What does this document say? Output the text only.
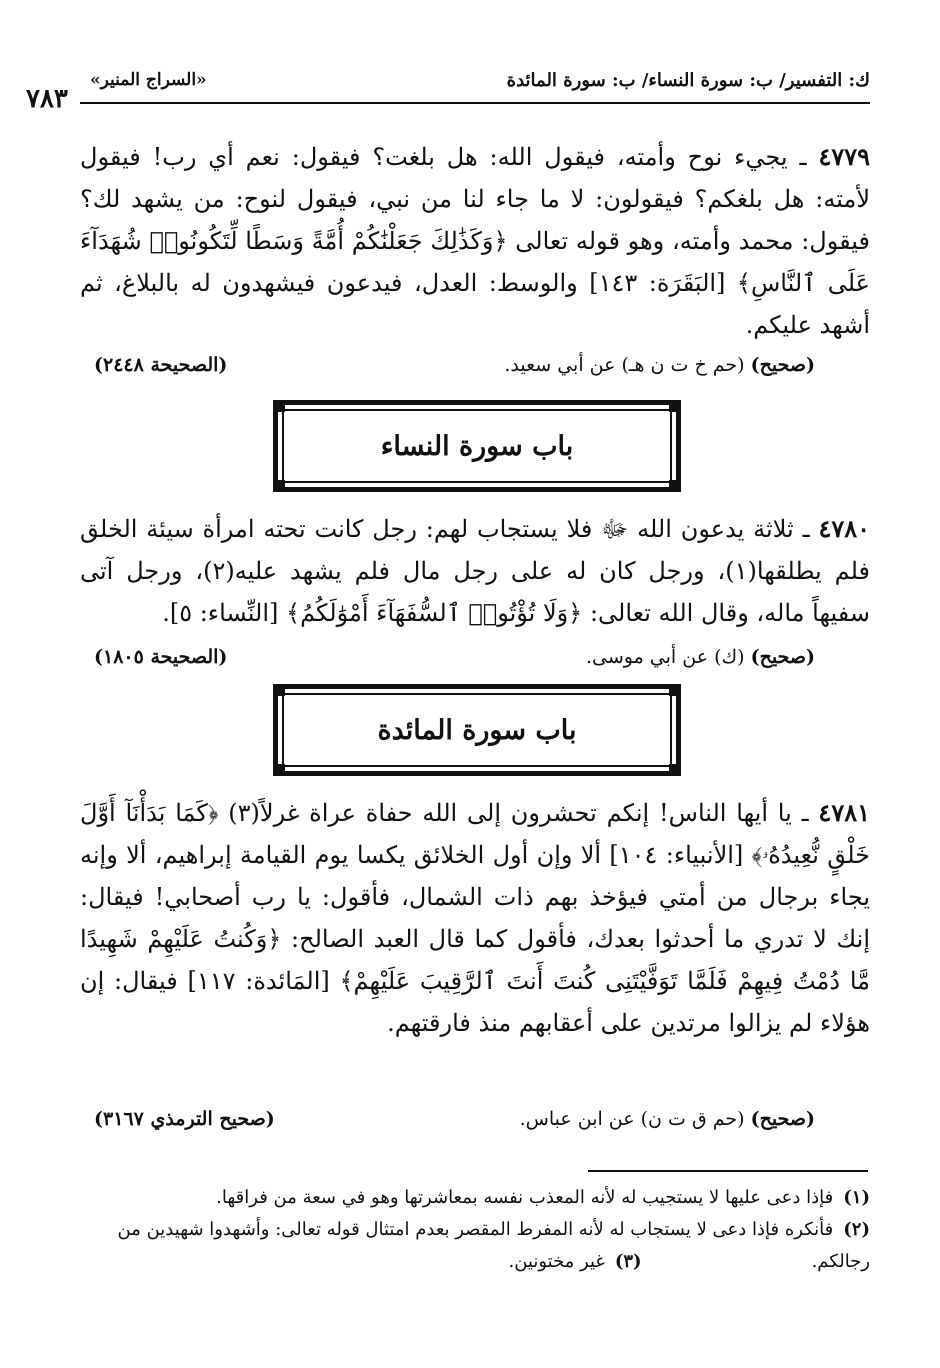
ك: التفسير/ ب: سورة النساء/ ب: سورة المائدة
«السراج المنير»
٧٨٣
٤٧٧٩ ـ يجيء نوح وأمته، فيقول الله: هل بلغت؟ فيقول: نعم أي رب! فيقول لأمته: هل بلغكم؟ فيقولون: لا ما جاء لنا من نبي، فيقول لنوح: من يشهد لك؟ فيقول: محمد وأمته، وهو قوله تعالى ﴿وَكَذَٰلِكَ جَعَلْنَٰكُمْ أُمَّةً وَسَطًا لِّتَكُونُوا۟ شُهَدَآءَ عَلَى ٱلنَّاسِ﴾ [البَقَرَة: ١٤٣] والوسط: العدل، فيدعون فيشهدون له بالبلاغ، ثم أشهد عليكم.
(صحيح) (حم خ ت ن هـ) عن أبي سعيد.
(الصحيحة ٢٤٤٨)
باب سورة النساء
٤٧٨٠ ـ ثلاثة يدعون الله ﷻ فلا يستجاب لهم: رجل كانت تحته امرأة سيئة الخلق فلم يطلقها(١)، ورجل كان له على رجل مال فلم يشهد عليه(٢)، ورجل آتى سفيهاً ماله، وقال الله تعالى: ﴿وَلَا تُؤْتُوا۟ ٱلسُّفَهَآءَ أَمْوَٰلَكُمُ﴾ [النِّساء: ٥].
(صحيح) (ك) عن أبي موسى.
(الصحيحة ١٨٠٥)
باب سورة المائدة
٤٧٨١ ـ يا أيها الناس! إنكم تحشرون إلى الله حفاة عراة غرلاً(٣) ﴿كَمَا بَدَأْنَآ أَوَّلَ خَلْقٍ نُّعِيدُهُۥ﴾ [الأنبياء: ١٠٤] ألا وإن أول الخلائق يكسا يوم القيامة إبراهيم، ألا وإنه يجاء برجال من أمتي فيؤخذ بهم ذات الشمال، فأقول: يا رب أصحابي! فيقال: إنك لا تدري ما أحدثوا بعدك، فأقول كما قال العبد الصالح: ﴿وَكُنتُ عَلَيْهِمْ شَهِيدًا مَّا دُمْتُ فِيهِمْ فَلَمَّا تَوَفَّيْتَنِى كُنتَ أَنتَ ٱلرَّقِيبَ عَلَيْهِمْ﴾ [المَائدة: ١١٧] فيقال: إن هؤلاء لم يزالوا مرتدين على أعقابهم منذ فارقتهم.
(صحيح) (حم ق ت ن) عن ابن عباس.
(صحيح الترمذي ٣١٦٧)

(١)فإذا دعى عليها لا يستجيب له لأنه المعذب نفسه بمعاشرتها وهو في سعة من فراقها.

(٢)فأنكره فإذا دعى لا يستجاب له لأنه المفرط المقصر بعدم امتثال قوله تعالى: وأشهدوا شهيدين من رجالكم.(٣)غير مختونين.
